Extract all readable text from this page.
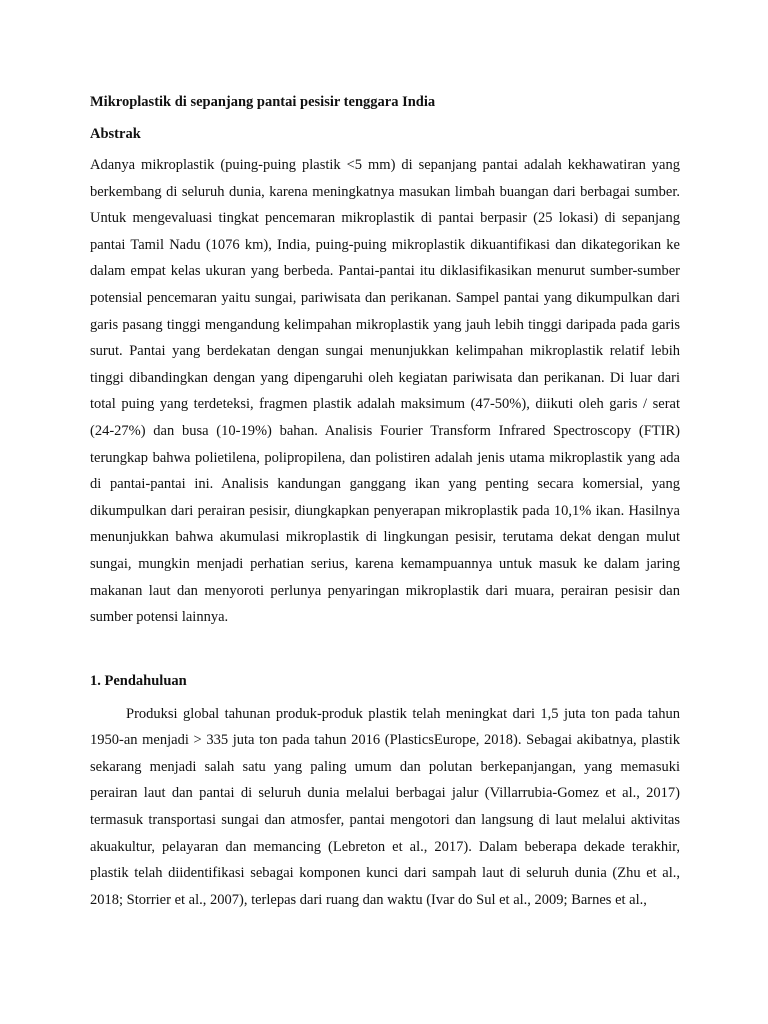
Mikroplastik di sepanjang pantai pesisir tenggara India
Abstrak

Adanya mikroplastik (puing-puing plastik <5 mm) di sepanjang pantai adalah kekhawatiran yang berkembang di seluruh dunia, karena meningkatnya masukan limbah buangan dari berbagai sumber. Untuk mengevaluasi tingkat pencemaran mikroplastik di pantai berpasir (25 lokasi) di sepanjang pantai Tamil Nadu (1076 km), India, puing-puing mikroplastik dikuantifikasi dan dikategorikan ke dalam empat kelas ukuran yang berbeda. Pantai-pantai itu diklasifikasikan menurut sumber-sumber potensial pencemaran yaitu sungai, pariwisata dan perikanan. Sampel pantai yang dikumpulkan dari garis pasang tinggi mengandung kelimpahan mikroplastik yang jauh lebih tinggi daripada pada garis surut. Pantai yang berdekatan dengan sungai menunjukkan kelimpahan mikroplastik relatif lebih tinggi dibandingkan dengan yang dipengaruhi oleh kegiatan pariwisata dan perikanan. Di luar dari total puing yang terdeteksi, fragmen plastik adalah maksimum (47-50%), diikuti oleh garis / serat (24-27%) dan busa (10-19%) bahan. Analisis Fourier Transform Infrared Spectroscopy (FTIR) terungkap bahwa polietilena, polipropilena, dan polistiren adalah jenis utama mikroplastik yang ada di pantai-pantai ini. Analisis kandungan ganggang ikan yang penting secara komersial, yang dikumpulkan dari perairan pesisir, diungkapkan penyerapan mikroplastik pada 10,1% ikan. Hasilnya menunjukkan bahwa akumulasi mikroplastik di lingkungan pesisir, terutama dekat dengan mulut sungai, mungkin menjadi perhatian serius, karena kemampuannya untuk masuk ke dalam jaring makanan laut dan menyoroti perlunya penyaringan mikroplastik dari muara, perairan pesisir dan sumber potensi lainnya.

1. Pendahuluan

Produksi global tahunan produk-produk plastik telah meningkat dari 1,5 juta ton pada tahun 1950-an menjadi > 335 juta ton pada tahun 2016 (PlasticsEurope, 2018). Sebagai akibatnya, plastik sekarang menjadi salah satu yang paling umum dan polutan berkepanjangan, yang memasuki perairan laut dan pantai di seluruh dunia melalui berbagai jalur (Villarrubia-Gomez et al., 2017) termasuk transportasi sungai dan atmosfer, pantai mengotori dan langsung di laut melalui aktivitas akuakultur, pelayaran dan memancing (Lebreton et al., 2017). Dalam beberapa dekade terakhir, plastik telah diidentifikasi sebagai komponen kunci dari sampah laut di seluruh dunia (Zhu et al., 2018; Storrier et al., 2007), terlepas dari ruang dan waktu (Ivar do Sul et al., 2009; Barnes et al.,
